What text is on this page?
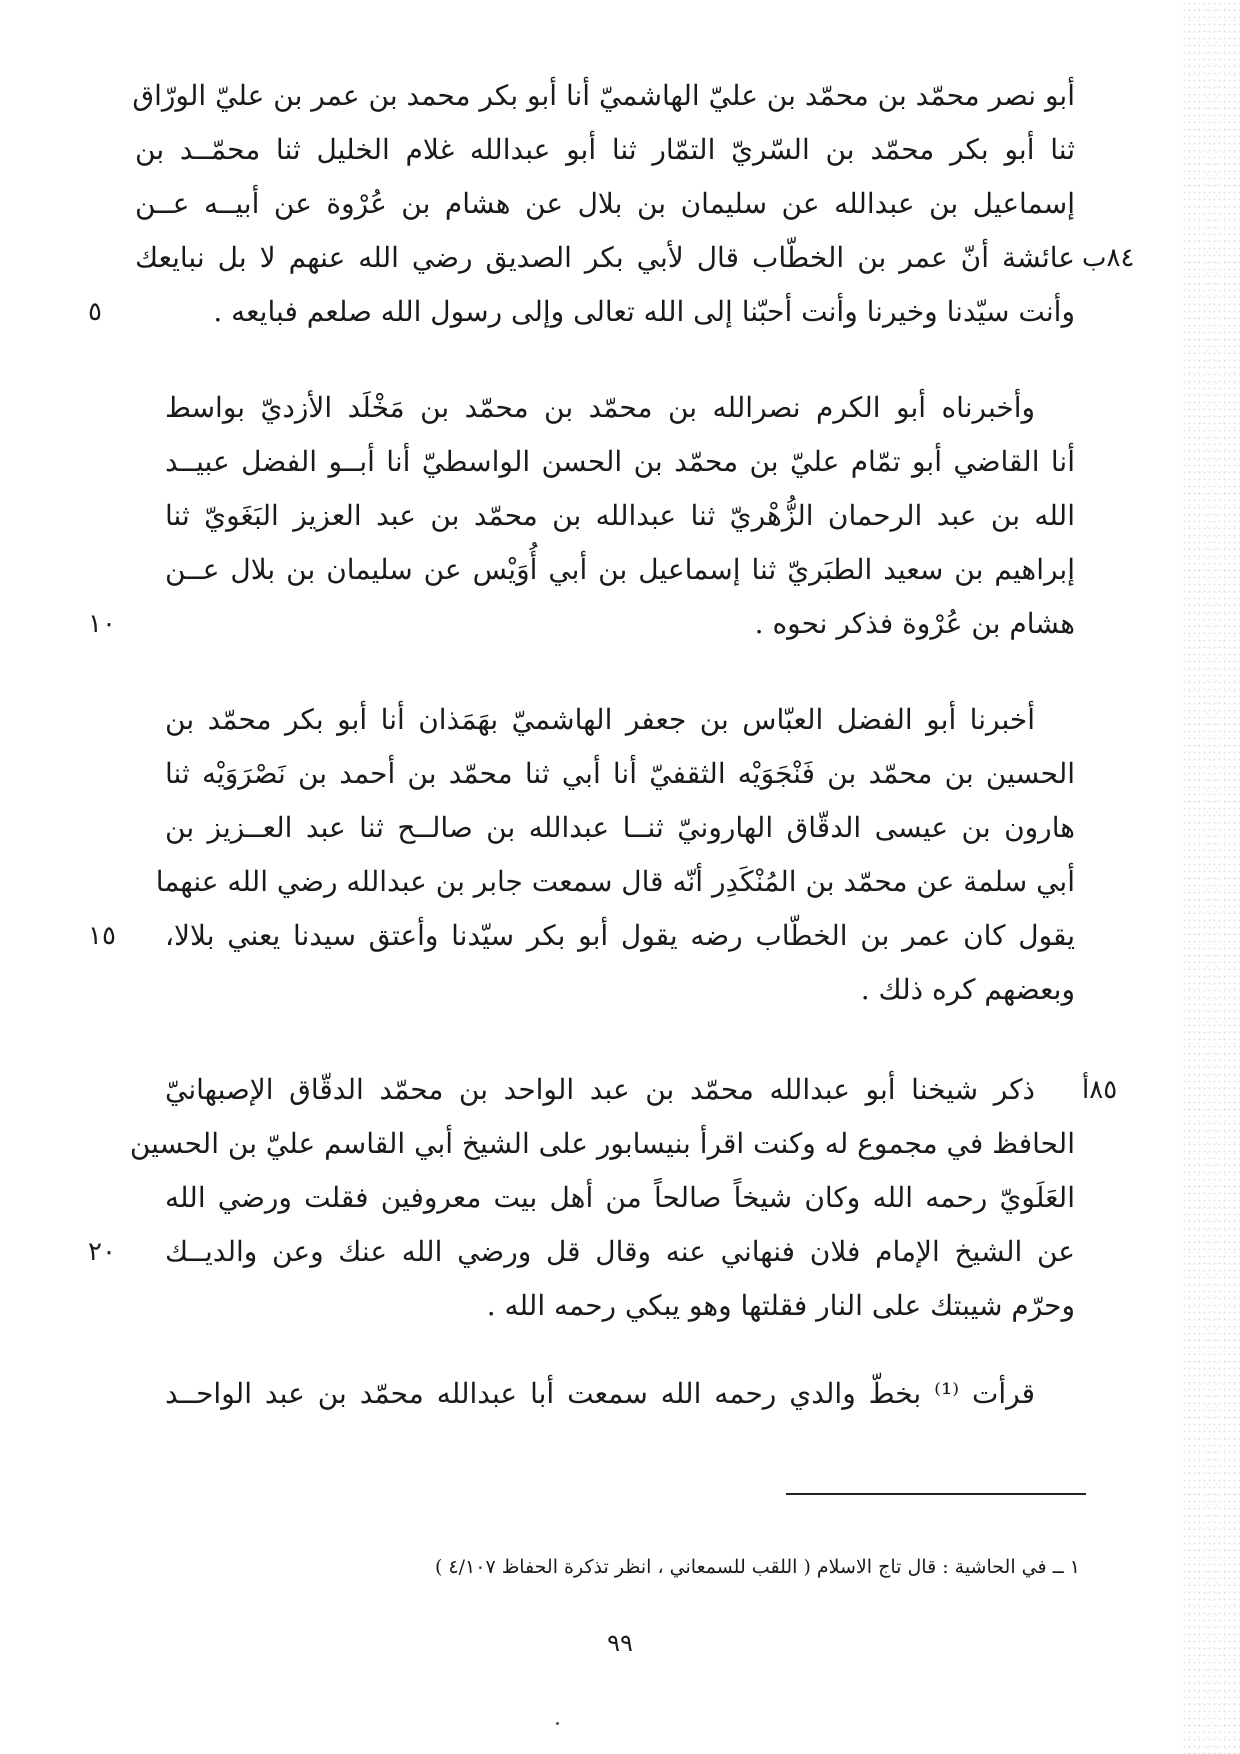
أبو نصر محمّد بن محمّد بن عليّ الهاشميّ أنا أبو بكر محمد بن عمر بن عليّ الورّاق
ثنا أبو بكر محمّد بن السّريّ التمّار ثنا أبو عبدالله غلام الخليل ثنا محمّــد بن
إسماعيل بن عبدالله عن سليمان بن بلال عن هشام بن عُرْوة عن أبيــه عــن
عائشة أنّ عمر بن الخطّاب قال لأبي بكر الصديق رضي الله عنهم لا بل نبايعك
وأنت سيّدنا وخيرنا وأنت أحبّنا إلى الله تعالى وإلى رسول الله صلعم فبايعه .
٨٤ب
٥
وأخبرناه أبو الكرم نصرالله بن محمّد بن محمّد بن مَخْلَد الأزديّ بواسط
أنا القاضي أبو تمّام عليّ بن محمّد بن الحسن الواسطيّ أنا أبــو الفضل عبيــد
الله بن عبد الرحمان الزُّهْريّ ثنا عبدالله بن محمّد بن عبد العزيز البَغَويّ ثنا
إبراهيم بن سعيد الطبَريّ ثنا إسماعيل بن أبي أُوَيْس عن سليمان بن بلال عــن
هشام بن عُرْوة فذكر نحوه .
١٠
أخبرنا أبو الفضل العبّاس بن جعفر الهاشميّ بهَمَذان أنا أبو بكر محمّد بن
الحسين بن محمّد بن فَنْجَوَيْه الثقفيّ أنا أبي ثنا محمّد بن أحمد بن نَصْرَوَيْه ثنا
هارون بن عيسى الدقّاق الهارونيّ ثنــا عبدالله بن صالــح ثنا عبد العــزيز بن
أبي سلمة عن محمّد بن المُنْكَدِر أنّه قال سمعت جابر بن عبدالله رضي الله عنهما
يقول كان عمر بن الخطّاب رضه يقول أبو بكر سيّدنا وأعتق سيدنا يعني بلالا،
وبعضهم كره ذلك .
١٥
ذكر شيخنا أبو عبدالله محمّد بن عبد الواحد بن محمّد الدقّاق الإصبهانيّ
الحافظ في مجموع له وكنت اقرأ بنيسابور على الشيخ أبي القاسم عليّ بن الحسين
العَلَويّ رحمه الله وكان شيخاً صالحاً من أهل بيت معروفين فقلت ورضي الله
عن الشيخ الإمام فلان فنهاني عنه وقال قل ورضي الله عنك وعن والديــك
وحرّم شيبتك على النار فقلتها وهو يبكي رحمه الله .
٨٥أ
٢٠
قرأت ⁽¹⁾ بخطّ والدي رحمه الله سمعت أبا عبدالله محمّد بن عبد الواحــد
١ ــ في الحاشية : قال تاج الاسلام ( اللقب للسمعاني ، انظر تذكرة الحفاظ ٤/١٠٧ )
٩٩
